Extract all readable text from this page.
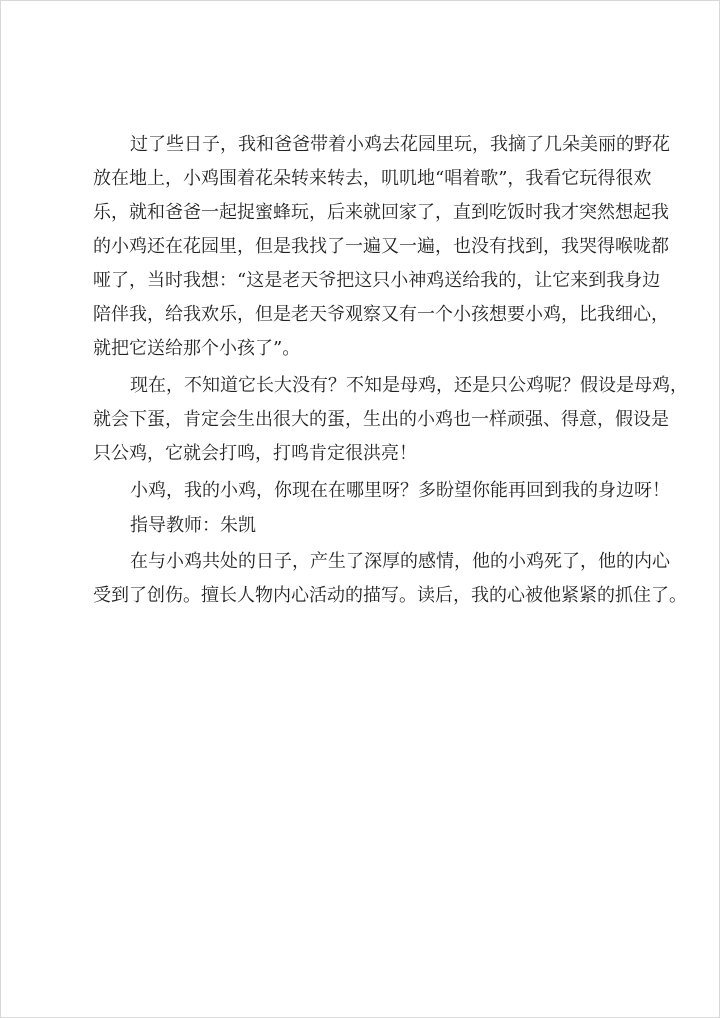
过了些日子，我和爸爸带着小鸡去花园里玩，我摘了几朵美丽的野花
放在地上，小鸡围着花朵转来转去，叽叽地“唱着歌”，我看它玩得很欢
乐，就和爸爸一起捉蜜蜂玩，后来就回家了，直到吃饭时我才突然想起我
的小鸡还在花园里，但是我找了一遍又一遍，也没有找到，我哭得喉咙都
哑了，当时我想：“这是老天爷把这只小神鸡送给我的，让它来到我身边
陪伴我，给我欢乐，但是老天爷观察又有一个小孩想要小鸡，比我细心，
就把它送给那个小孩了”。
现在，不知道它长大没有？不知是母鸡，还是只公鸡呢？假设是母鸡，
就会下蛋，肯定会生出很大的蛋，生出的小鸡也一样顽强、得意，假设是
只公鸡，它就会打鸣，打鸣肯定很洪亮！
小鸡，我的小鸡，你现在在哪里呀？多盼望你能再回到我的身边呀！
指导教师：朱凯
在与小鸡共处的日子，产生了深厚的感情，他的小鸡死了，他的内心
受到了创伤。擅长人物内心活动的描写。读后，我的心被他紧紧的抓住了。
